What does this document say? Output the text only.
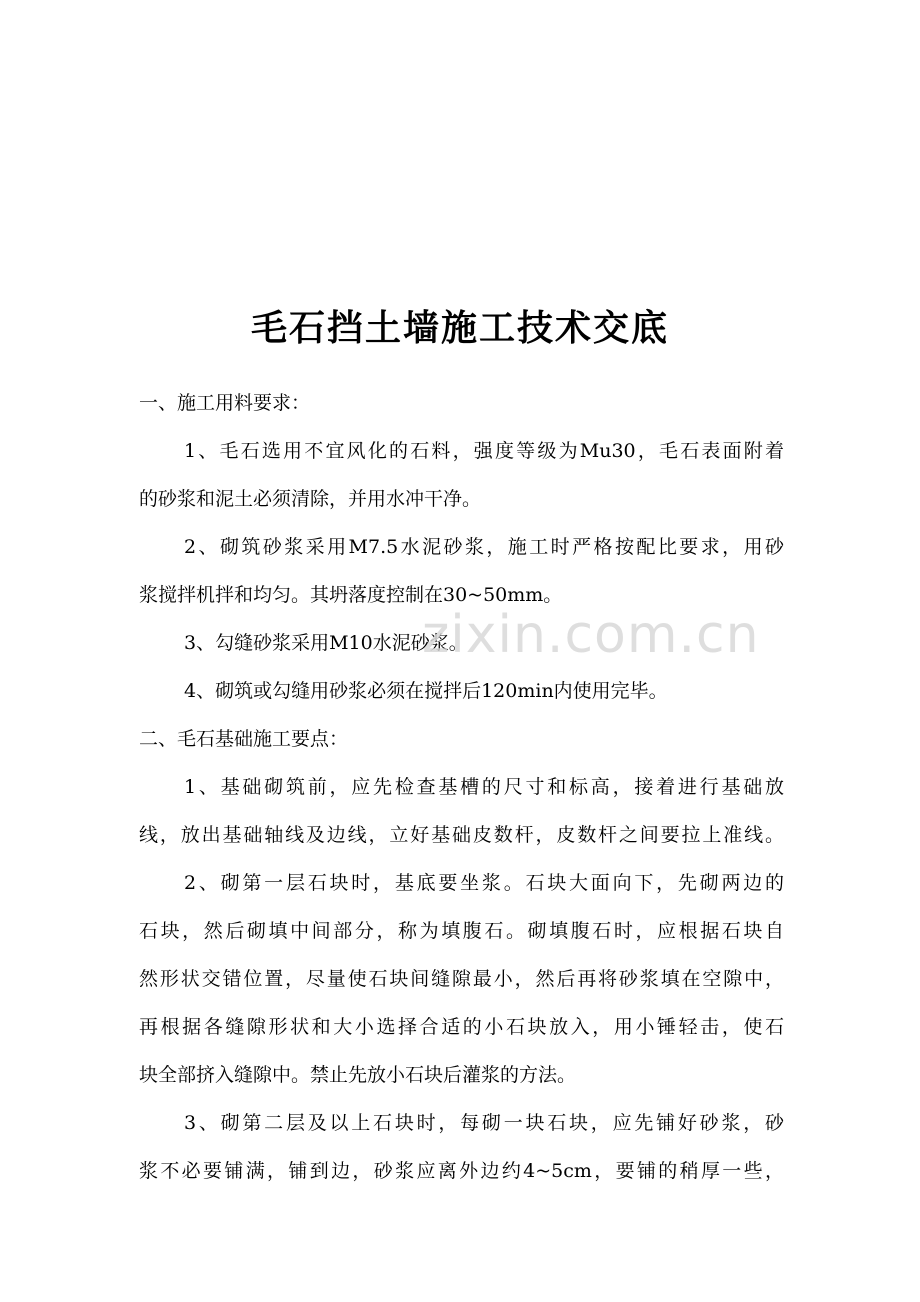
毛石挡土墙施工技术交底
一、施工用料要求：
1、毛石选用不宜风化的石料，强度等级为Mu30，毛石表面附着
的砂浆和泥土必须清除，并用水冲干净。
2、砌筑砂浆采用M7.5水泥砂浆，施工时严格按配比要求，用砂
浆搅拌机拌和均匀。其坍落度控制在30~50mm。
3、勾缝砂浆采用M10水泥砂浆。
4、砌筑或勾缝用砂浆必须在搅拌后120min内使用完毕。
二、毛石基础施工要点：
1、基础砌筑前，应先检查基槽的尺寸和标高，接着进行基础放
线，放出基础轴线及边线，立好基础皮数杆，皮数杆之间要拉上准线。
2、砌第一层石块时，基底要坐浆。石块大面向下，先砌两边的
石块，然后砌填中间部分，称为填腹石。砌填腹石时，应根据石块自
然形状交错位置，尽量使石块间缝隙最小，然后再将砂浆填在空隙中，
再根据各缝隙形状和大小选择合适的小石块放入，用小锤轻击，使石
块全部挤入缝隙中。禁止先放小石块后灌浆的方法。
3、砌第二层及以上石块时，每砌一块石块，应先铺好砂浆，砂
浆不必要铺满，铺到边，砂浆应离外边约4~5cm，要铺的稍厚一些，
zixin.com.cn
